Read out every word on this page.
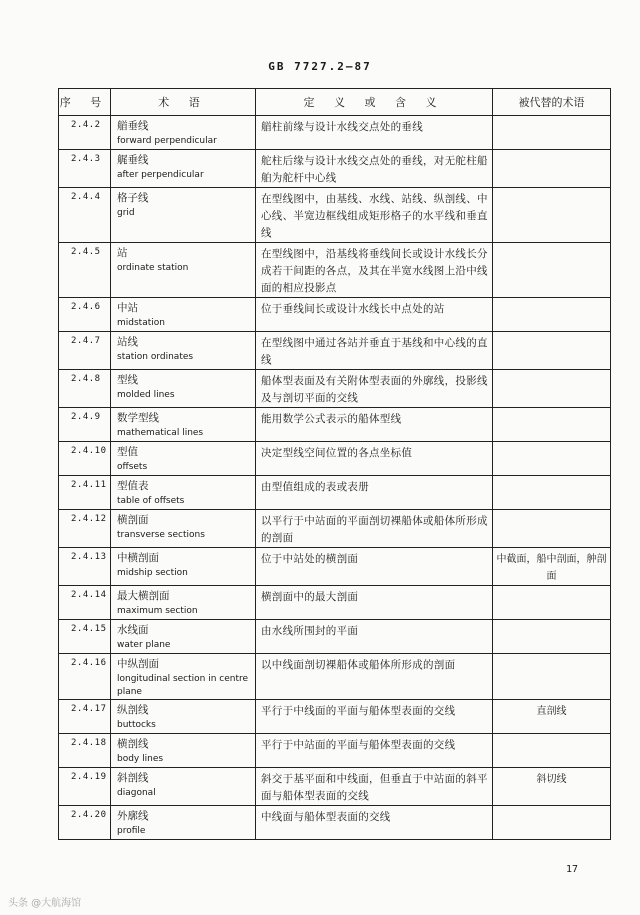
GB 7727.2—87
序 号	术 语	定 义 或 含 义	被代替的术语

2.4.2	艏垂线
forward perpendicular	艏柱前缘与设计水线交点处的垂线	

2.4.3	艉垂线
after perpendicular	舵柱后缘与设计水线交点处的垂线，对无舵柱船舶为舵杆中心线	

2.4.4	格子线
grid	在型线图中，由基线、水线、站线、纵剖线、中心线、半宽边框线组成矩形格子的水平线和垂直线	

2.4.5	站
ordinate station	在型线图中，沿基线将垂线间长或设计水线长分成若干间距的各点，及其在半宽水线图上沿中线面的相应投影点	

2.4.6	中站
midstation	位于垂线间长或设计水线长中点处的站	

2.4.7	站线
station ordinates	在型线图中通过各站并垂直于基线和中心线的直线	

2.4.8	型线
molded lines	船体型表面及有关附体型表面的外廓线，投影线及与剖切平面的交线	

2.4.9	数学型线
mathematical lines	能用数学公式表示的船体型线	

2.4.10	型值
offsets	决定型线空间位置的各点坐标值	

2.4.11	型值表
table of offsets	由型值组成的表或表册	

2.4.12	横剖面
transverse sections	以平行于中站面的平面剖切裸船体或船体所形成的剖面	

2.4.13	中横剖面
midship section	位于中站处的横剖面	中截面，船中剖面，舯剖面

2.4.14	最大横剖面
maximum section	横剖面中的最大剖面	

2.4.15	水线面
water plane	由水线所围封的平面	

2.4.16	中纵剖面
longitudinal section in centre plane	以中线面剖切裸船体或船体所形成的剖面	

2.4.17	纵剖线
buttocks	平行于中线面的平面与船体型表面的交线	直剖线

2.4.18	横剖线
body lines	平行于中站面的平面与船体型表面的交线	

2.4.19	斜剖线
diagonal	斜交于基平面和中线面，但垂直于中站面的斜平面与船体型表面的交线	斜切线

2.4.20	外廓线
profile	中线面与船体型表面的交线	

17
头条 @大航海馆
